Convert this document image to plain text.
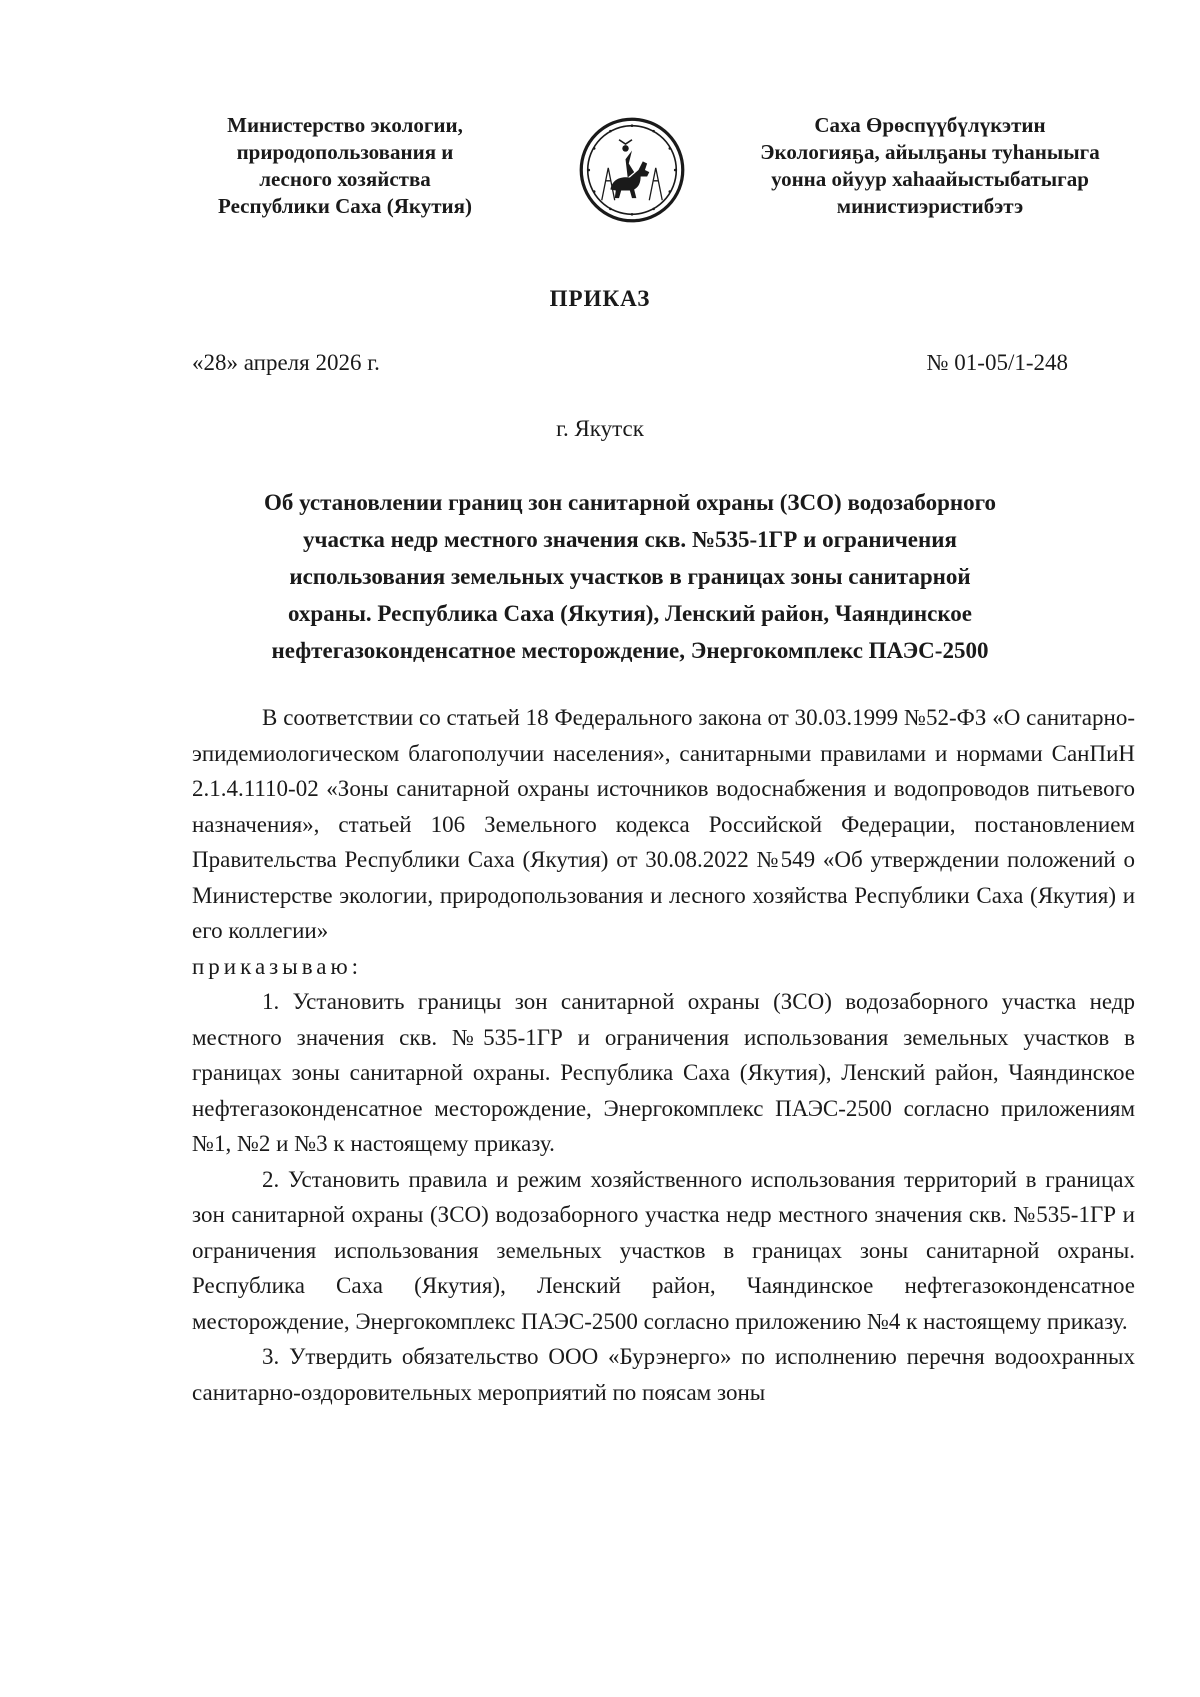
Министерство экологии,
природопользования и
лесного хозяйства
Республики Саха (Якутия)
Саха Өрөспүүбүлүкэтин
Экологияҕа, айылҕаны туһаныыга
уонна ойуур хаһаайыстыбатыгар
министиэристибэтэ
ПРИКАЗ
«28» апреля 2026 г.	№ 01-05/1-248
г. Якутск
Об установлении границ зон санитарной охраны (ЗСО) водозаборного
участка недр местного значения скв. №535-1ГР и ограничения
использования земельных участков в границах зоны санитарной
охраны. Республика Саха (Якутия), Ленский район, Чаяндинское
нефтегазоконденсатное месторождение, Энергокомплекс ПАЭС-2500

В соответствии со статьей 18 Федерального закона от 30.03.1999 №52-ФЗ «О санитарно-эпидемиологическом благополучии населения», санитарными правилами и нормами СанПиН 2.1.4.1110-02 «Зоны санитарной охраны источников водоснабжения и водопроводов питьевого назначения», статьей 106 Земельного кодекса Российской Федерации, постановлением Правительства Республики Саха (Якутия) от 30.08.2022 №549 «Об утверждении положений о Министерстве экологии, природопользования и лесного хозяйства Республики Саха (Якутия) и его коллегии»

приказываю:

1. Установить границы зон санитарной охраны (ЗСО) водозаборного участка недр местного значения скв. №535-1ГР и ограничения использования земельных участков в границах зоны санитарной охраны. Республика Саха (Якутия), Ленский район, Чаяндинское нефтегазоконденсатное месторождение, Энергокомплекс ПАЭС-2500 согласно приложениям №1, №2 и №3 к настоящему приказу.

2. Установить правила и режим хозяйственного использования территорий в границах зон санитарной охраны (ЗСО) водозаборного участка недр местного значения скв. №535-1ГР и ограничения использования земельных участков в границах зоны санитарной охраны. Республика Саха (Якутия), Ленский район, Чаяндинское нефтегазоконденсатное месторождение, Энергокомплекс ПАЭС-2500 согласно приложению №4 к настоящему приказу.

3. Утвердить обязательство ООО «Бурэнерго» по исполнению перечня водоохранных санитарно-оздоровительных мероприятий по поясам зоны
